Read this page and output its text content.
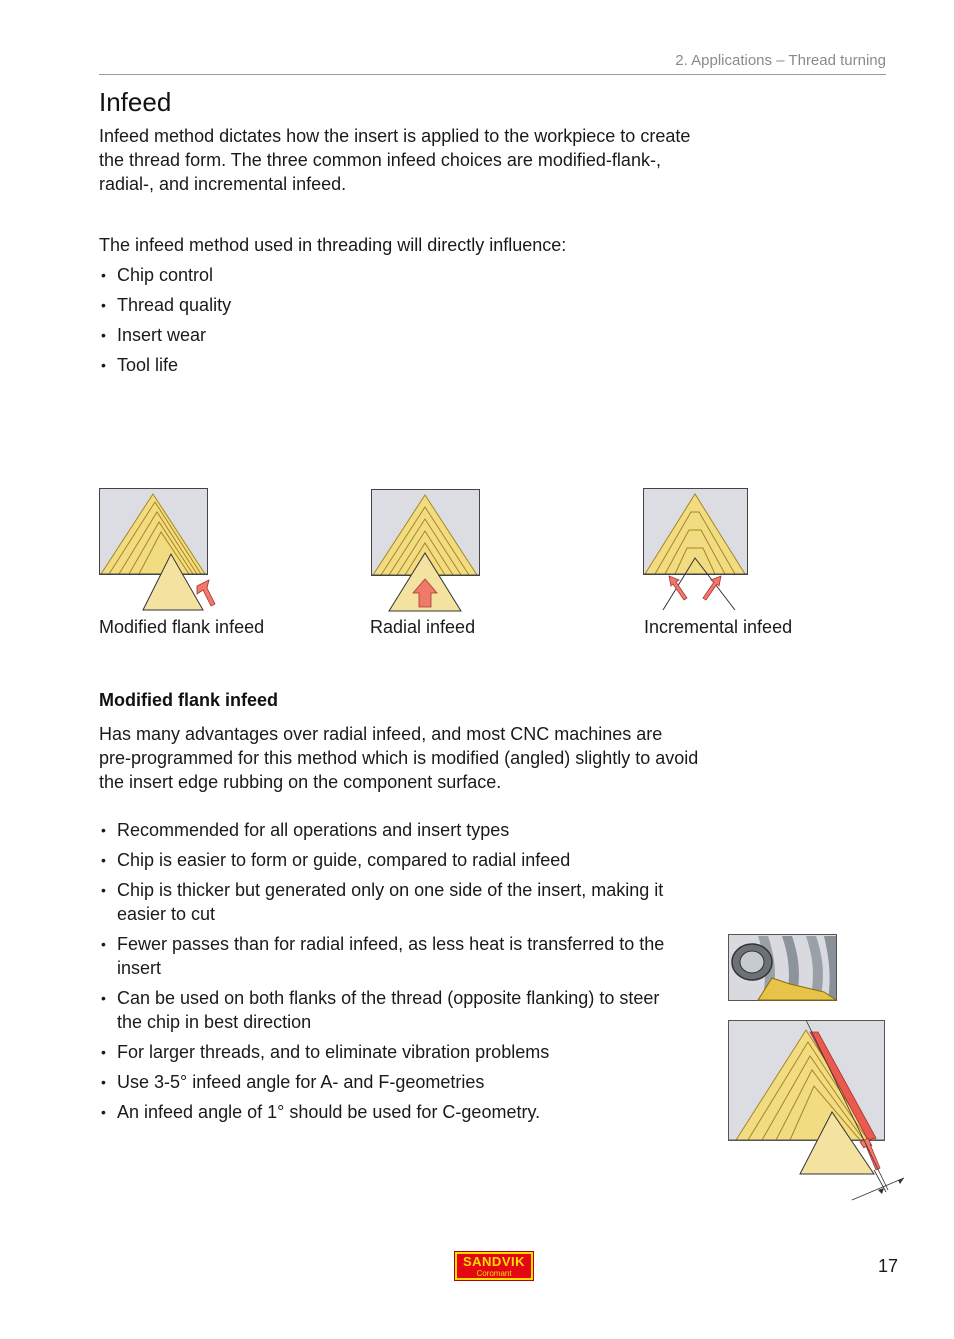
2. Applications – Thread turning
Infeed

Infeed method dictates how the insert is applied to the workpiece to create the thread form. The three common infeed choices are modified-flank-, radial-, and incremental infeed.

The infeed method used in threading will directly influence:

• Chip control
• Thread quality
• Insert wear
• Tool life
Modified flank infeed	Radial infeed	Incremental infeed
Modified flank infeed

Has many advantages over radial infeed, and most CNC machines are pre-programmed for this method which is modified (angled) slightly to avoid the insert edge rubbing on the component surface.

• Recommended for all operations and insert types
• Chip is easier to form or guide, compared to radial infeed
• Chip is thicker but generated only on one side of the insert, making it easier to cut
• Fewer passes than for radial infeed, as less heat is transferred to the insert
• Can be used on both flanks of the thread (opposite flanking) to steer the chip in best direction
• For larger threads, and to eliminate vibration problems
• Use 3-5° infeed angle for A- and F-geometries
• An infeed angle of 1° should be used for C-geometry.
SANDVIK
Coromant	17
